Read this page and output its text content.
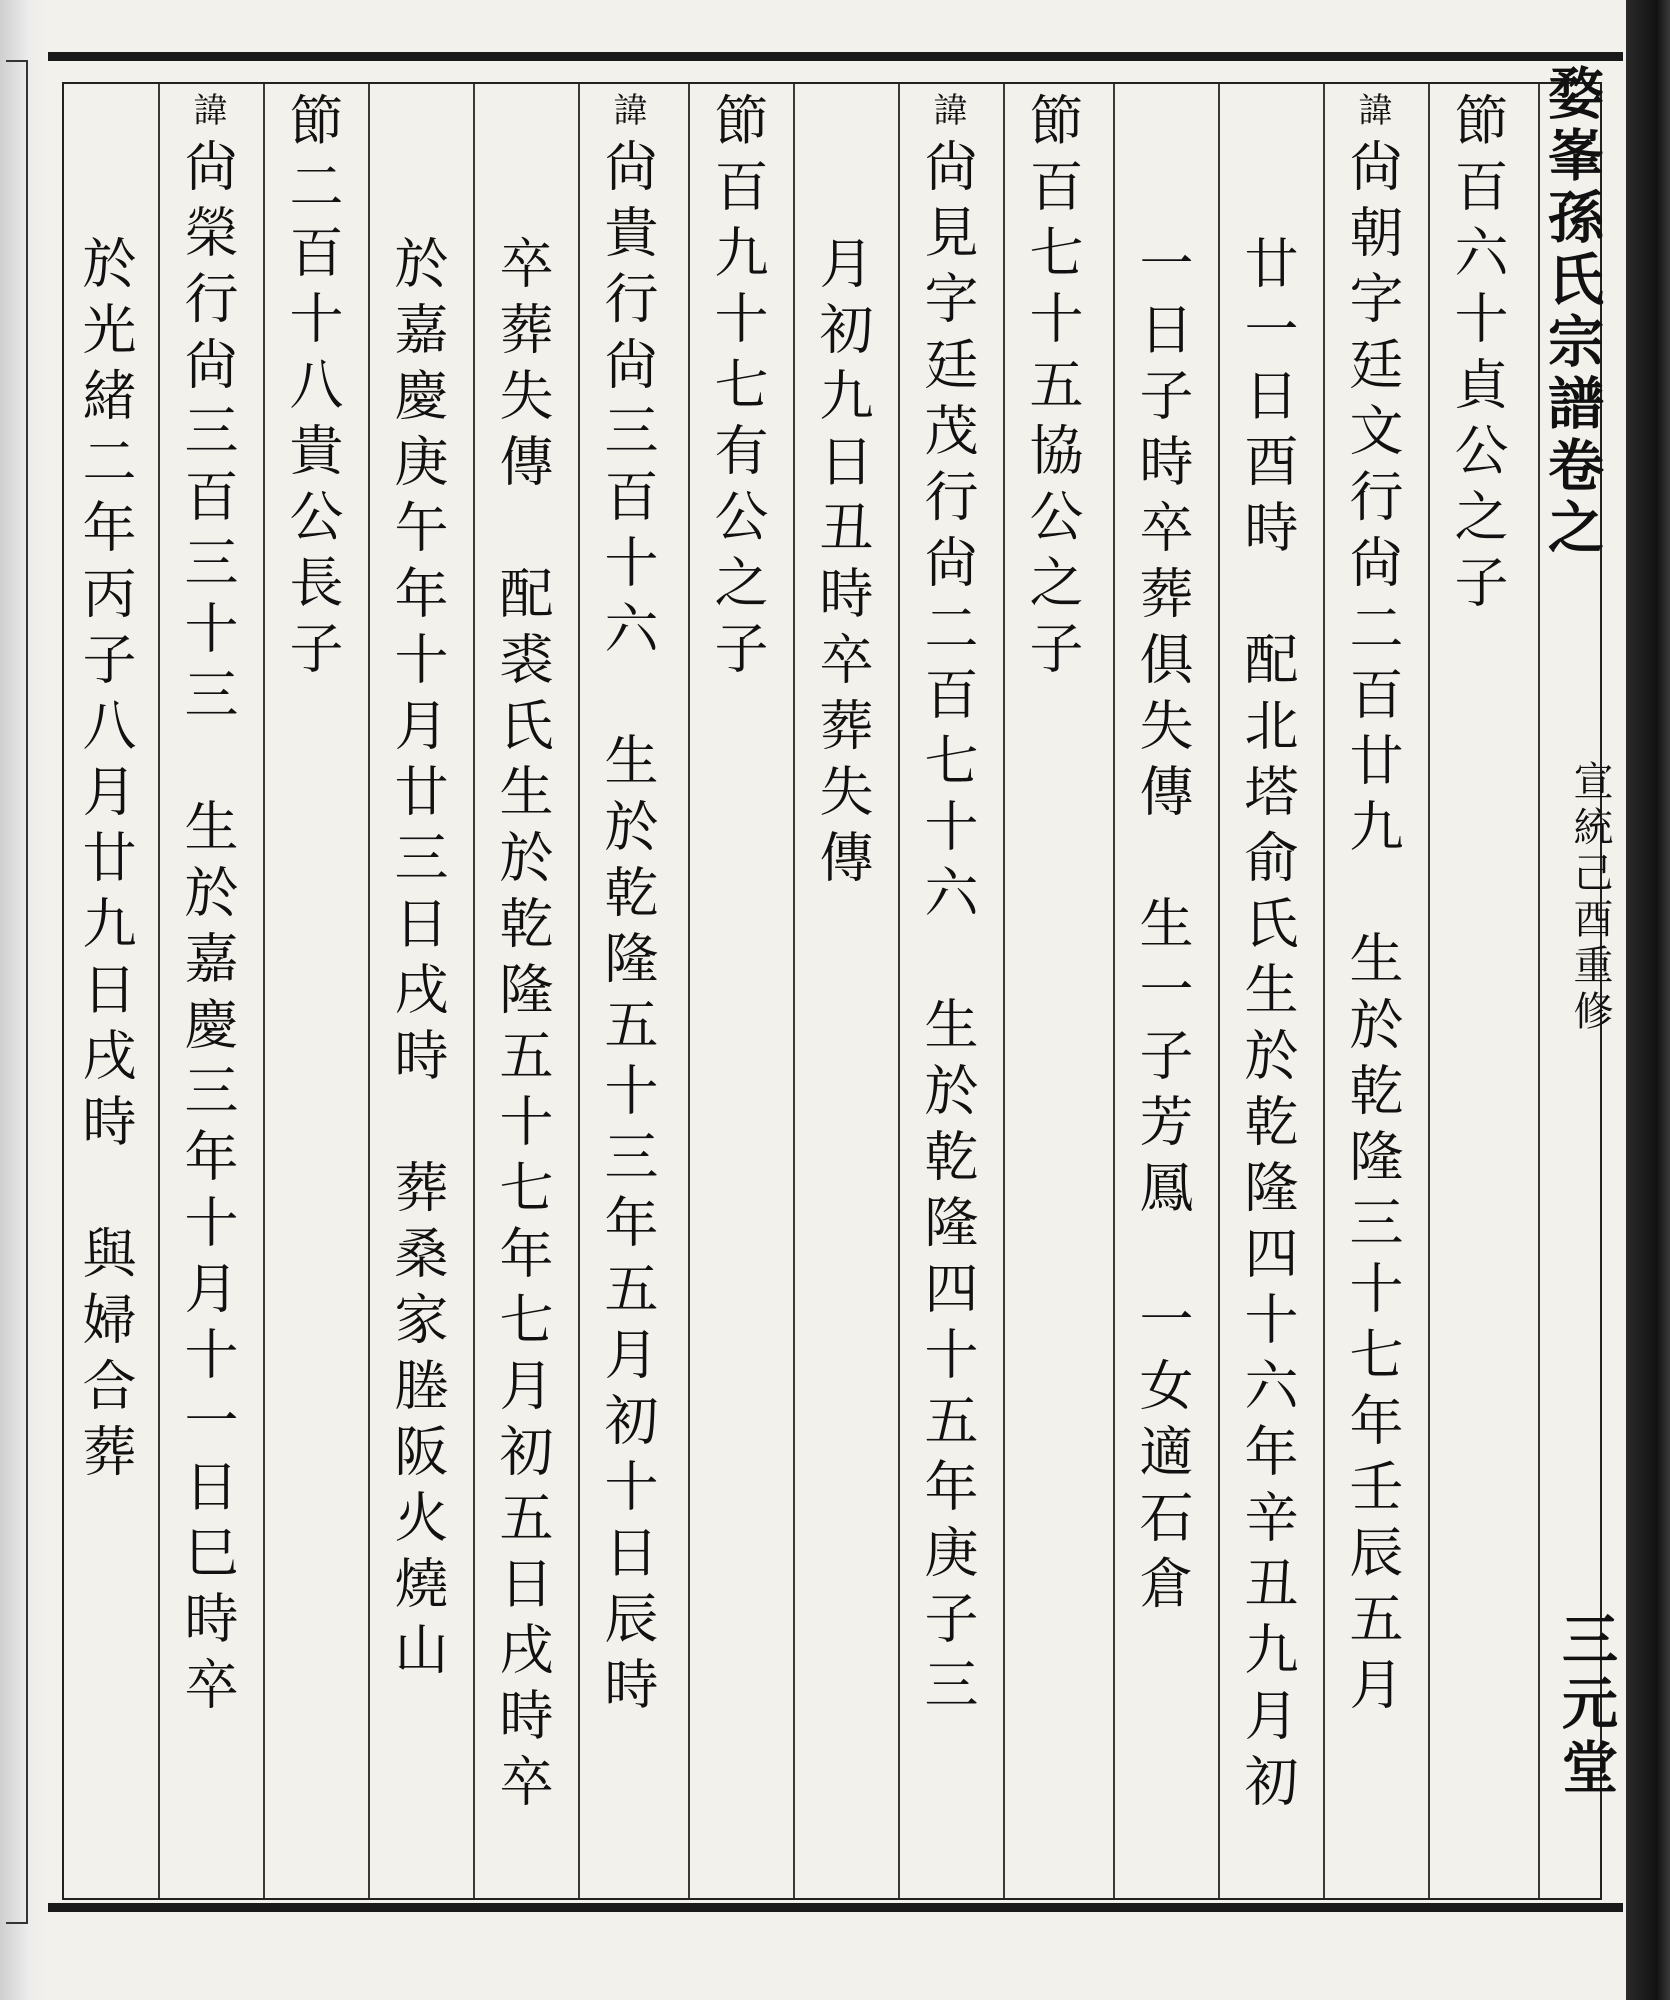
婺峯孫氏宗譜卷之
宣統己酉重修
三元堂
節百六十貞公之子
諱尙朝字廷文行尙二百廿九　生於乾隆三十七年壬辰五月
廿一日酉時　配北塔俞氏生於乾隆四十六年辛丑九月初
一日子時卒葬俱失傳　生一子芳鳳　一女適石倉
節百七十五協公之子
諱尙見字廷茂行尙二百七十六　生於乾隆四十五年庚子三
月初九日丑時卒葬失傳
節百九十七有公之子
諱尙貴行尙三百十六　生於乾隆五十三年五月初十日辰時
卒葬失傳　配裘氏生於乾隆五十七年七月初五日戌時卒
於嘉慶庚午年十月廿三日戌時　葬桑家塍阪火燒山
節二百十八貴公長子
諱尙榮行尙三百三十三　生於嘉慶三年十月十一日巳時卒
於光緒二年丙子八月廿九日戌時　與婦合葬
